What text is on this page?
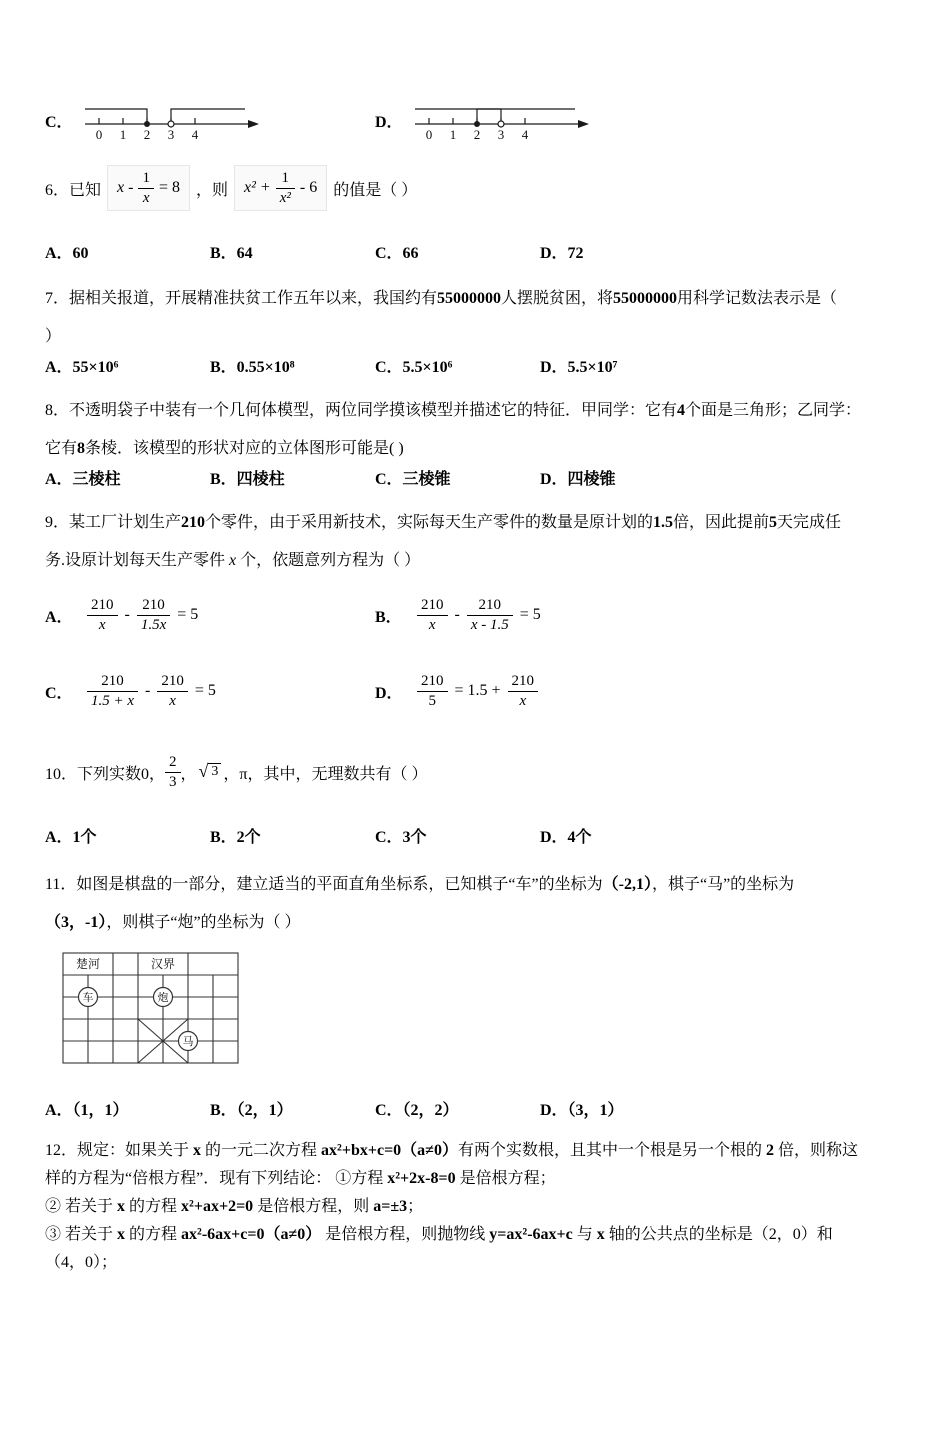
C．
0 1 2 3 4
D．
0 1 2 3 4
6．已知 $x - \frac{1}{x} = 8$ ，则 $x^2 + \frac{1}{\text{x²}} - 6$ 的值是（ ）
A．60	B．64	C．66	D．72
7．据相关报道，开展精准扶贫工作五年以来，我国约有55000000人摆脱贫困，将55000000用科学记数法表示是（
）
A．55×10⁶	B．0.55×10⁸	C．5.5×10⁶	D．5.5×10⁷
8．不透明袋子中装有一个几何体模型，两位同学摸该模型并描述它的特征．甲同学：它有4个面是三角形；乙同学：
它有8条棱．该模型的形状对应的立体图形可能是( )
A．三棱柱	B．四棱柱	C．三棱锥	D．四棱锥
9．某工厂计划生产210个零件，由于采用新技术，实际每天生产零件的数量是原计划的1.5倍，因此提前5天完成任
务.设原计划每天生产零件 x 个，依题意列方程为（ ）
A． $\frac{210}{x} - \frac{210}{1.5x} = 5$	B．	$\frac{210}{x} - \frac{210}{x - 1.5} = 5$
C． $\frac{210}{1.5 + x} - \frac{210}{x} = 5$	D． $\frac{210}{5} = 1.5 + \frac{210}{x}$
10．下列实数0， $\frac{2}{3}$ ， √ 3 ，π，其中，无理数共有（ ）
A．1个	B．2个	C．3个	D．4个
11．如图是棋盘的一部分，建立适当的平面直角坐标系，已知棋子“车”的坐标为（-2,1），棋子“马”的坐标为
（3，-1），则棋子“炮”的坐标为（ ）
楚河	汉界
车	炮
马
A．（1，1）	B．（2，1）	C．（2，2）	D．（3，1）
12．规定：如果关于 x 的一元二次方程 ax²+bx+c=0（a≠0）有两个实数根，且其中一个根是另一个根的 2 倍，则称这
样的方程为“倍根方程”．现有下列结论： ①方程 x²+2x-8=0 是倍根方程；
② 若关于 x 的方程 x²+ax+2=0 是倍根方程，则 a=±3；
③ 若关于 x 的方程 ax²-6ax+c=0（a≠0） 是倍根方程，则抛物线 y=ax²-6ax+c 与 x 轴的公共点的坐标是（2，0）和
（4，0）；
